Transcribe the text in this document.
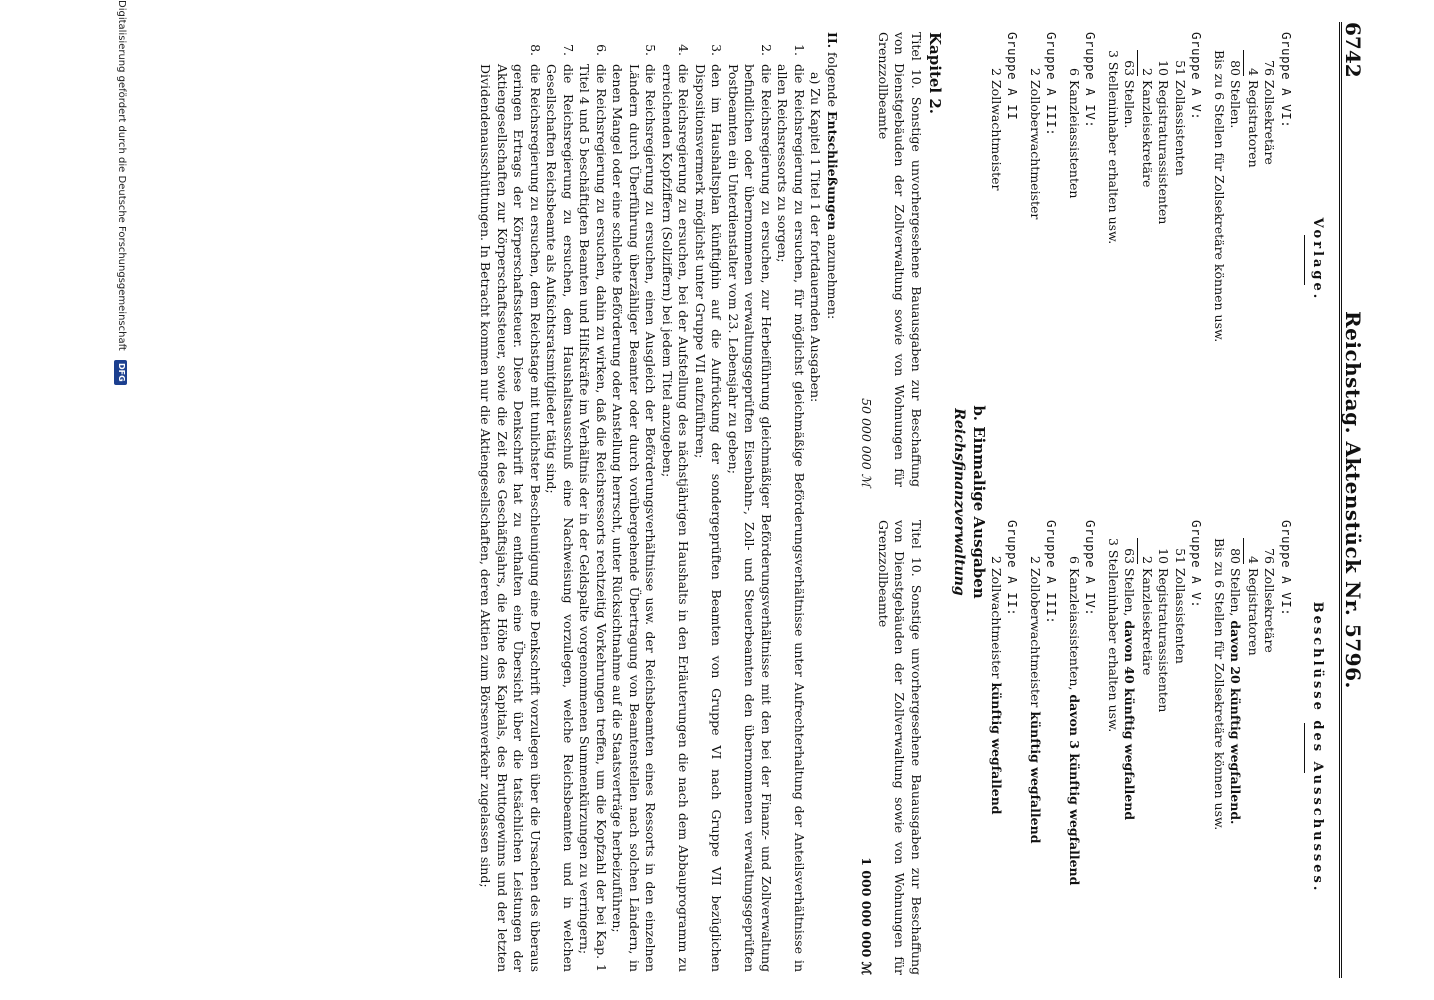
6742
Reichstag. Aktenstück Nr. 5796.
Vorlage.
Gruppe A VI:
76Zollsekretäre
4Registratoren
80Stellen.
Bis zu 6 Stellen für Zollsekretäre können usw.
Gruppe A V:
51Zollassistenten
10Registraturassistenten
2Kanzleisekretäre
63Stellen.
3 Stelleninhaber erhalten usw.
Gruppe A IV:
6Kanzleiassistenten
Gruppe A III:
2Zolloberwachtmeister
Gruppe A II
2Zollwachtmeister
Beschlüsse des Ausschusses.
Gruppe A VI:
76Zollsekretäre
4Registratoren
80Stellen, davon 20 künftig wegfallend.
Bis zu 6 Stellen für Zollsekretäre können usw.
Gruppe A V:
51Zollassistenten
10Registraturassistenten
2Kanzleisekretäre
63Stellen, davon 40 künftig wegfallend
3 Stelleninhaber erhalten usw.
Gruppe A IV:
6Kanzleiassistenten, davon 3 künftig wegfallend
Gruppe A III:
2Zolloberwachtmeister künftig wegfallend
Gruppe A II:
2Zollwachtmeister künftig wegfallend
b. Einmalige Ausgaben
Reichsfinanzverwaltung
Kapitel 2.
Titel 10. Sonstige unvorhergesehene Bauausgaben zur Beschaffung von Dienstgebäuden der Zollverwaltung sowie von Wohnungen für Grenzzollbeamte
50 000 000 ℳ
Titel 10. Sonstige unvorhergesehene Bauausgaben zur Beschaffung von Dienstgebäuden der Zollverwaltung sowie von Wohnungen für Grenzzollbeamte
1 000 000 000 ℳ
II. folgende Entschließungen anzunehmen:
a) Zu Kapitel 1 Titel 1 der fortdauernden Ausgaben:
1.
die Reichsregierung zu ersuchen, für möglichst gleichmäßige Beförderungsverhältnisse unter Aufrechterhaltung der Anteilsverhältnisse in allen Reichsressorts zu sorgen;
2.
die Reichsregierung zu ersuchen, zur Herbeiführung gleichmäßiger Beförderungsverhältnisse mit den bei der Finanz- und Zollverwaltung befindlichen oder übernommenen verwaltungsgeprüften Eisenbahn-, Zoll- und Steuerbeamten den übernommenen verwaltungsgeprüften Postbeamten ein Unterdienstalter vom 23. Lebensjahr zu geben;
3.
den im Haushaltsplan künftighin auf die Aufrückung der sondergeprüften Beamten von Gruppe VI nach Gruppe VII bezüglichen Dispositionsvermerk möglichst unter Gruppe VII aufzuführen;
4.
die Reichsregierung zu ersuchen, bei der Aufstellung des nächstjährigen Haushalts in den Erläuterungen die nach dem Abbauprogramm zu erreichenden Kopfziffern (Sollziffern) bei jedem Titel anzugeben;
5.
die Reichsregierung zu ersuchen, einen Ausgleich der Beförderungsverhältnisse usw. der Reichsbeamten eines Ressorts in den einzelnen Ländern durch Überführung überzähliger Beamter oder durch vorübergehende Übertragung von Beamtenstellen nach solchen Ländern, in denen Mangel oder eine schlechte Beförderung oder Anstellung herrscht, unter Rücksichtnahme auf die Staatsverträge herbeizuführen;
6.
die Reichsregierung zu ersuchen, dahin zu wirken, daß die Reichsressorts rechtzeitig Vorkehrungen treffen, um die Kopfzahl der bei Kap. 1 Titel 4 und 5 beschäftigten Beamten und Hilfskräfte im Verhältnis der in der Geldspalte vorgenommenen Summenkürzungen zu verringern;
7.
die Reichsregierung zu ersuchen, dem Haushaltsausschuß eine Nachweisung vorzulegen, welche Reichsbeamten und in welchen Gesellschaften Reichsbeamte als Aufsichtsratsmitglieder tätig sind;
8.
die Reichsregierung zu ersuchen, dem Reichstage mit tunlichster Beschleunigung eine Denkschrift vorzulegen über die Ursachen des überaus geringen Ertrags der Körperschaftssteuer. Diese Denkschrift hat zu enthalten eine Übersicht über die tatsächlichen Leistungen der Aktiengesellschaften zur Körperschaftssteuer, sowie die Zeit des Geschäftsjahrs, die Höhe des Kapitals, des Bruttogewinns und der letzten Dividendenausschüttungen. In Betracht kommen nur die Aktiengesellschaften, deren Aktien zum Börsenverkehr zugelassen sind;
Digitalisierung gefördert durch die Deutsche Forschungsgemeinschaft DFG
